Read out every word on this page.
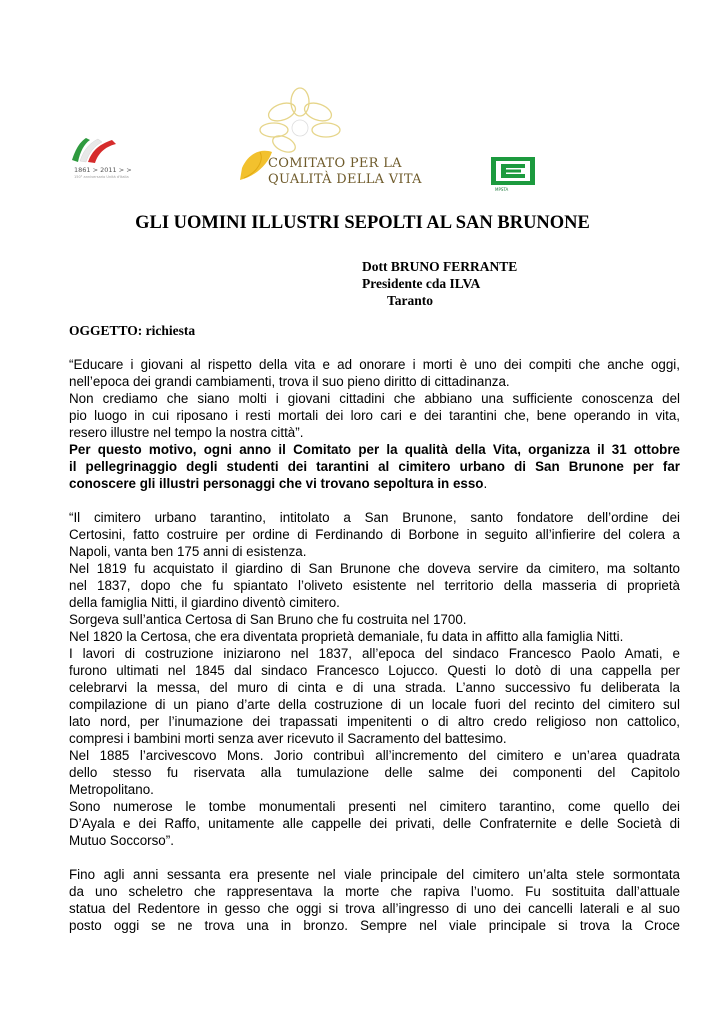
1861 > 2011 > >
150° anniversario Unità d'Italia
COMITATO PER LA
QUALITÀ DELLA VITA
MPSTA
GLI UOMINI ILLUSTRI SEPOLTI AL SAN BRUNONE
Dott BRUNO FERRANTE
Presidente cda ILVA
Taranto
OGGETTO: richiesta
“Educare i giovani al rispetto della vita e ad onorare i morti è uno dei compiti che anche oggi,
nell’epoca dei grandi cambiamenti, trova il suo pieno diritto di cittadinanza.
Non crediamo che siano molti i giovani cittadini che abbiano una sufficiente conoscenza del
pio luogo in cui riposano i resti mortali dei loro cari e dei tarantini che, bene operando in vita,
resero illustre nel tempo la nostra città”.
Per questo motivo, ogni anno il Comitato per la qualità della Vita, organizza il 31 ottobre
il pellegrinaggio degli studenti dei tarantini al cimitero urbano di San Brunone per far
conoscere gli illustri personaggi che vi trovano sepoltura in esso.
“Il cimitero urbano tarantino, intitolato a San Brunone, santo fondatore dell’ordine dei
Certosini, fatto costruire per ordine di Ferdinando di Borbone in seguito all’infierire del colera a
Napoli, vanta ben 175 anni di esistenza.
Nel 1819 fu acquistato il giardino di San Brunone che doveva servire da cimitero, ma soltanto
nel 1837, dopo che fu spiantato l’oliveto esistente nel territorio della masseria di proprietà
della famiglia Nitti, il giardino diventò cimitero.
Sorgeva sull’antica Certosa di San Bruno che fu costruita nel 1700.
Nel 1820 la Certosa, che era diventata proprietà demaniale, fu data in affitto alla famiglia Nitti.
I lavori di costruzione iniziarono nel 1837, all’epoca del sindaco Francesco Paolo Amati, e
furono ultimati nel 1845 dal sindaco Francesco Lojucco. Questi lo dotò di una cappella per
celebrarvi la messa, del muro di cinta e di una strada. L’anno successivo fu deliberata la
compilazione di un piano d’arte della costruzione di un locale fuori del recinto del cimitero sul
lato nord, per l’inumazione dei trapassati impenitenti o di altro credo religioso non cattolico,
compresi i bambini morti senza aver ricevuto il Sacramento del battesimo.
Nel 1885 l’arcivescovo Mons. Jorio contribuì all’incremento del cimitero e un’area quadrata
dello stesso fu riservata alla tumulazione delle salme dei componenti del Capitolo
Metropolitano.
Sono numerose le tombe monumentali presenti nel cimitero tarantino, come quello dei
D’Ayala e dei Raffo, unitamente alle cappelle dei privati, delle Confraternite e delle Società di
Mutuo Soccorso”.
Fino agli anni sessanta era presente nel viale principale del cimitero un’alta stele sormontata
da uno scheletro che rappresentava la morte che rapiva l’uomo. Fu sostituita dall’attuale
statua del Redentore in gesso che oggi si trova all’ingresso di uno dei cancelli laterali e al suo
posto oggi se ne trova una in bronzo. Sempre nel viale principale si trova la Croce
